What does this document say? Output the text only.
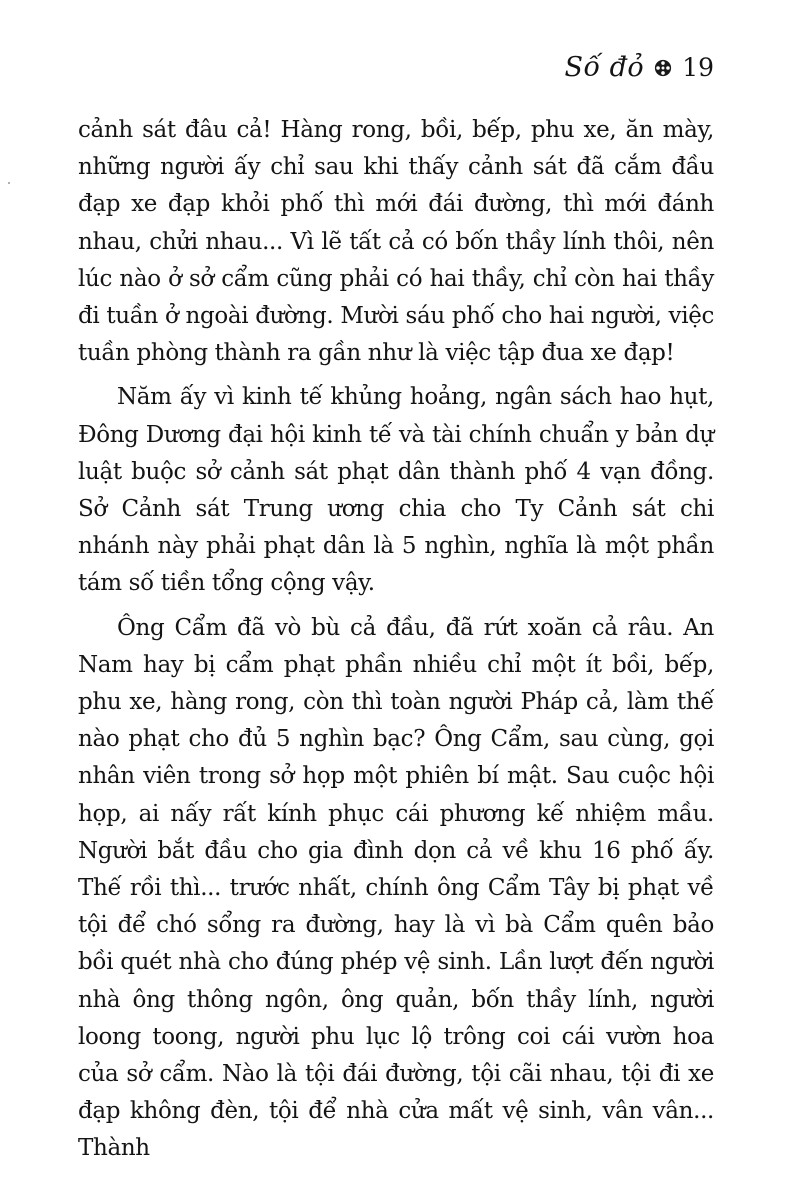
Số đỏ 19

cảnh sát đâu cả! Hàng rong, bồi, bếp, phu xe, ăn mày, những người ấy chỉ sau khi thấy cảnh sát đã cắm đầu đạp xe đạp khỏi phố thì mới đái đường, thì mới đánh nhau, chửi nhau... Vì lẽ tất cả có bốn thầy lính thôi, nên lúc nào ở sở cẩm cũng phải có hai thầy, chỉ còn hai thầy đi tuần ở ngoài đường. Mười sáu phố cho hai người, việc tuần phòng thành ra gần như là việc tập đua xe đạp!

Năm ấy vì kinh tế khủng hoảng, ngân sách hao hụt, Đông Dương đại hội kinh tế và tài chính chuẩn y bản dự luật buộc sở cảnh sát phạt dân thành phố 4 vạn đồng. Sở Cảnh sát Trung ương chia cho Ty Cảnh sát chi nhánh này phải phạt dân là 5 nghìn, nghĩa là một phần tám số tiền tổng cộng vậy.

Ông Cẩm đã vò bù cả đầu, đã rứt xoăn cả râu. An Nam hay bị cẩm phạt phần nhiều chỉ một ít bồi, bếp, phu xe, hàng rong, còn thì toàn người Pháp cả, làm thế nào phạt cho đủ 5 nghìn bạc? Ông Cẩm, sau cùng, gọi nhân viên trong sở họp một phiên bí mật. Sau cuộc hội họp, ai nấy rất kính phục cái phương kế nhiệm mầu. Người bắt đầu cho gia đình dọn cả về khu 16 phố ấy. Thế rồi thì... trước nhất, chính ông Cẩm Tây bị phạt về tội để chó sổng ra đường, hay là vì bà Cẩm quên bảo bồi quét nhà cho đúng phép vệ sinh. Lần lượt đến người nhà ông thông ngôn, ông quản, bốn thầy lính, người loong toong, người phu lục lộ trông coi cái vườn hoa của sở cẩm. Nào là tội đái đường, tội cãi nhau, tội đi xe đạp không đèn, tội để nhà cửa mất vệ sinh, vân vân... Thành
